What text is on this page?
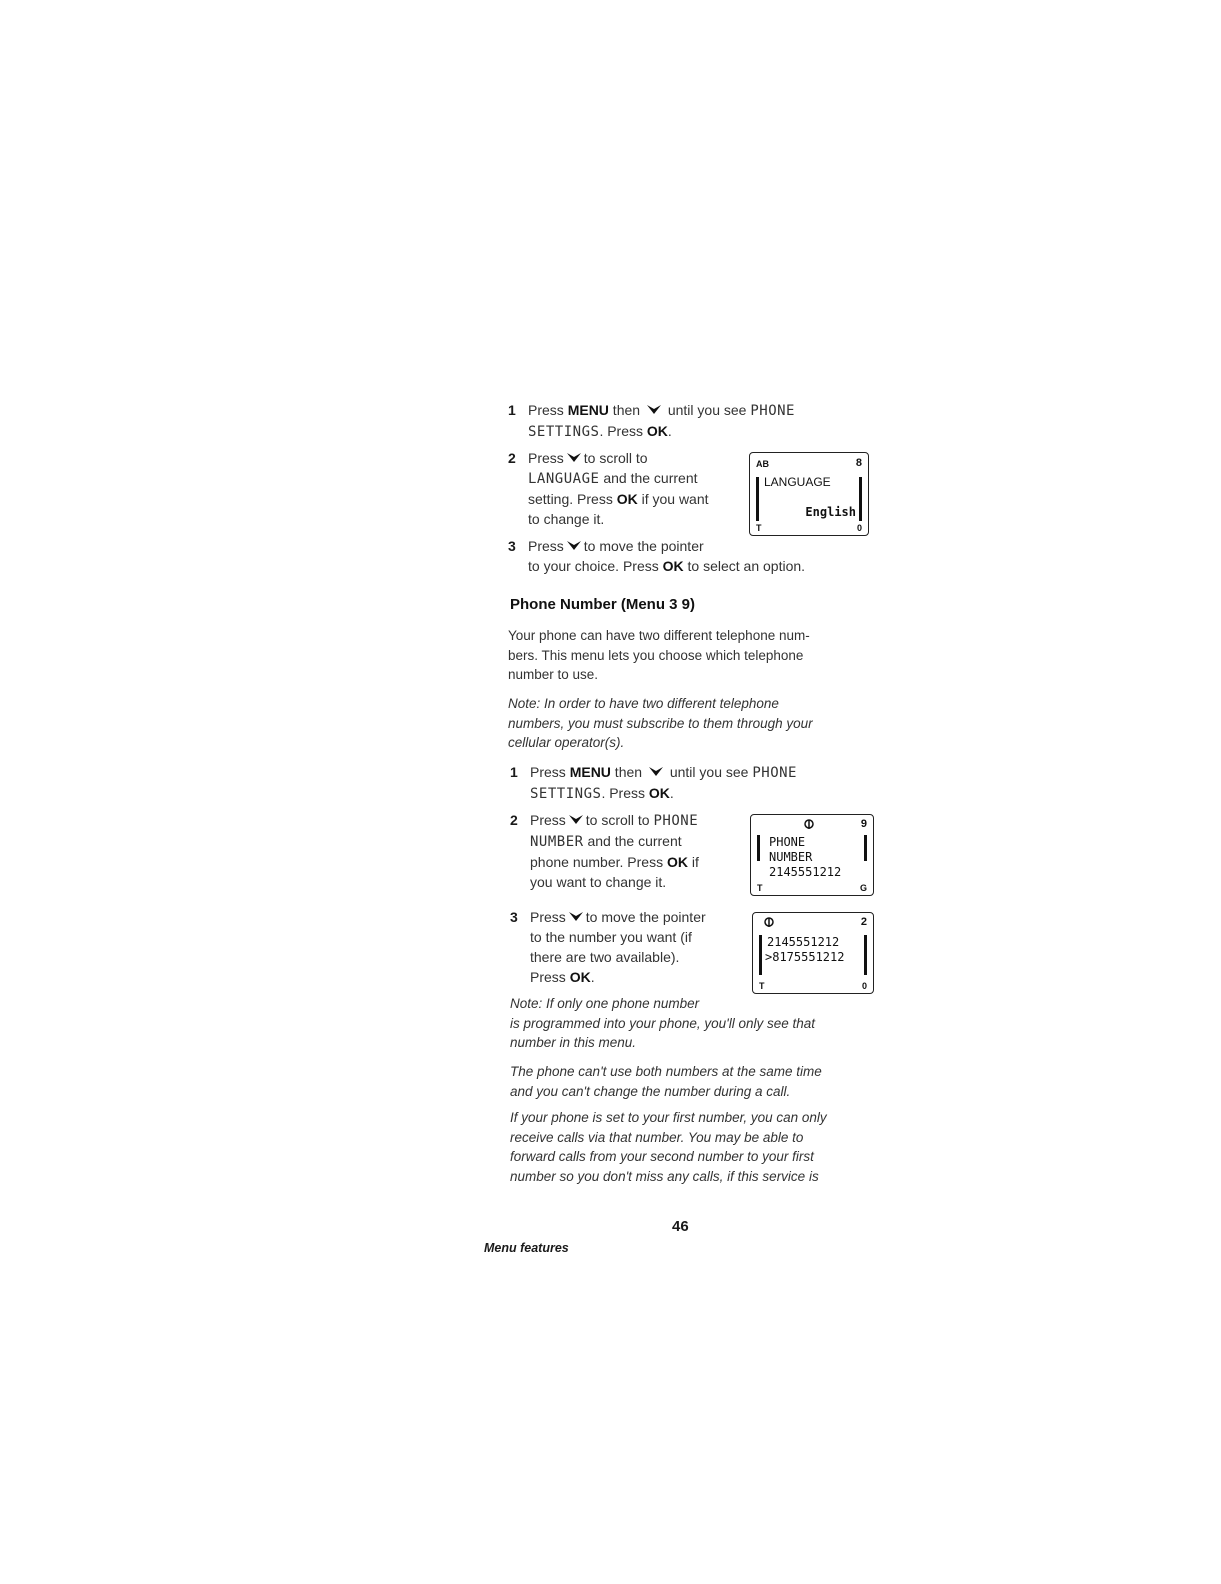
1 Press MENU then  until you see PHONE SETTINGS. Press OK.
2 Press to scroll to
LANGUAGE and the current
setting. Press OK if you want
to change it.
AB	8
LANGUAGE
English
T	0
3 Press to move the pointer
to your choice. Press OK to select an option.
Phone Number (Menu 3 9)
Your phone can have two different telephone num-
bers. This menu lets you choose which telephone
number to use.
Note: In order to have two different telephone
numbers, you must subscribe to them through your
cellular operator(s).
1 Press MENU then  until you see PHONE
SETTINGS. Press OK.
2 Press to scroll to PHONE
NUMBER and the current
phone number. Press OK if
you want to change it.
9
PHONE
NUMBER
2145551212
T	G
3 Press to move the pointer
to the number you want (if
there are two available).
Press OK.
2
2145551212
>8175551212
T	0
Note: If only one phone number
is programmed into your phone, you'll only see that
number in this menu.
The phone can't use both numbers at the same time
and you can't change the number during a call.
If your phone is set to your first number, you can only
receive calls via that number. You may be able to
forward calls from your second number to your first
number so you don't miss any calls, if this service is
46
Menu features
